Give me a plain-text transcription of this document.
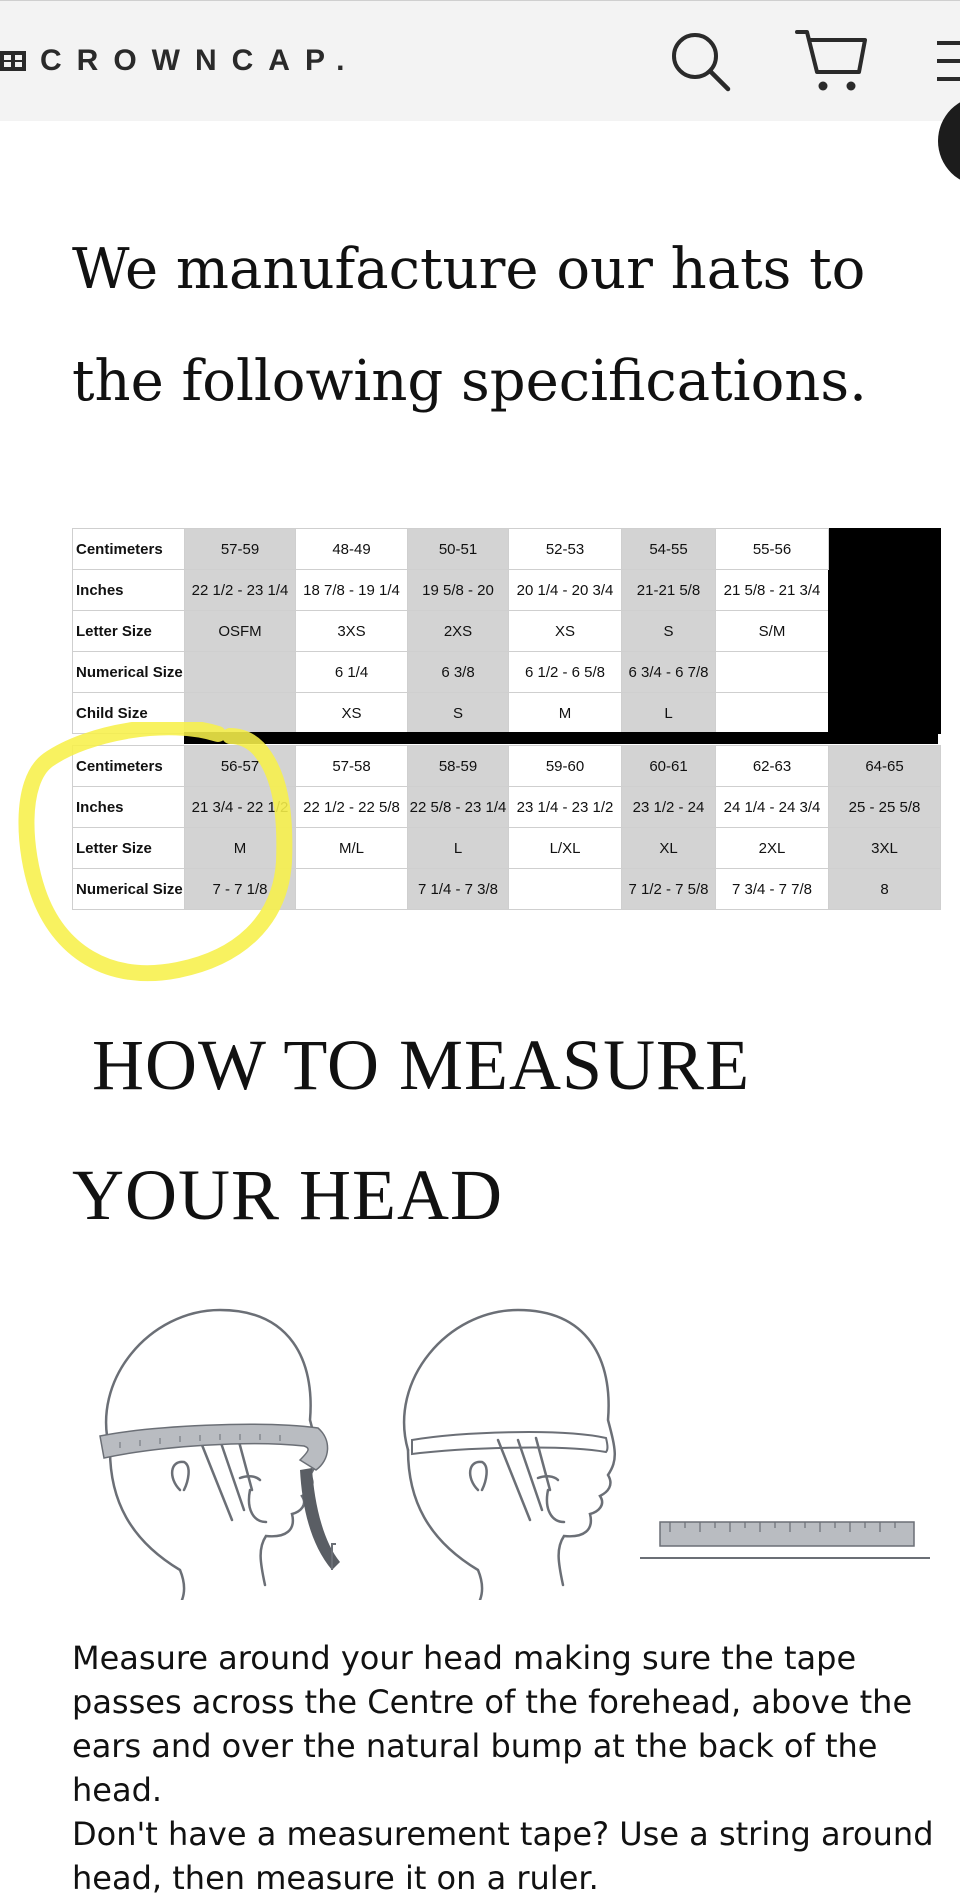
CROWNCAP.
We manufacture our hats to the following specifications.
Centimeters	57-59	48-49	50-51	52-53	54-55	55-56	
Inches	22 1/2 - 23 1/4	18 7/8 - 19 1/4	19 5/8 - 20	20 1/4 - 20 3/4	21-21 5/8	21 5/8 - 21 3/4	
Letter Size	OSFM	3XS	2XS	XS	S	S/M	
Numerical Size		6 1/4	6 3/8	6 1/2 - 6 5/8	6 3/4 - 6 7/8		
Child Size		XS	S	M	L		
Centimeters	56-57	57-58	58-59	59-60	60-61	62-63	64-65
Inches	21 3/4 - 22 1/2	22 1/2 - 22 5/8	22 5/8 - 23 1/4	23 1/4 - 23 1/2	23 1/2 - 24	24 1/4 - 24 3/4	25 - 25 5/8
Letter Size	M	M/L	L	L/XL	XL	2XL	3XL
Numerical Size	7 - 7 1/8		7 1/4 - 7 3/8		7 1/2 - 7 5/8	7 3/4 - 7 7/8	8
HOW TO MEASURE
YOUR HEAD

Measure around your head making sure the tape passes across the Centre of the forehead, above the ears and over the natural bump at the back of the head.

Don't have a measurement tape? Use a string around head, then measure it on a ruler.
